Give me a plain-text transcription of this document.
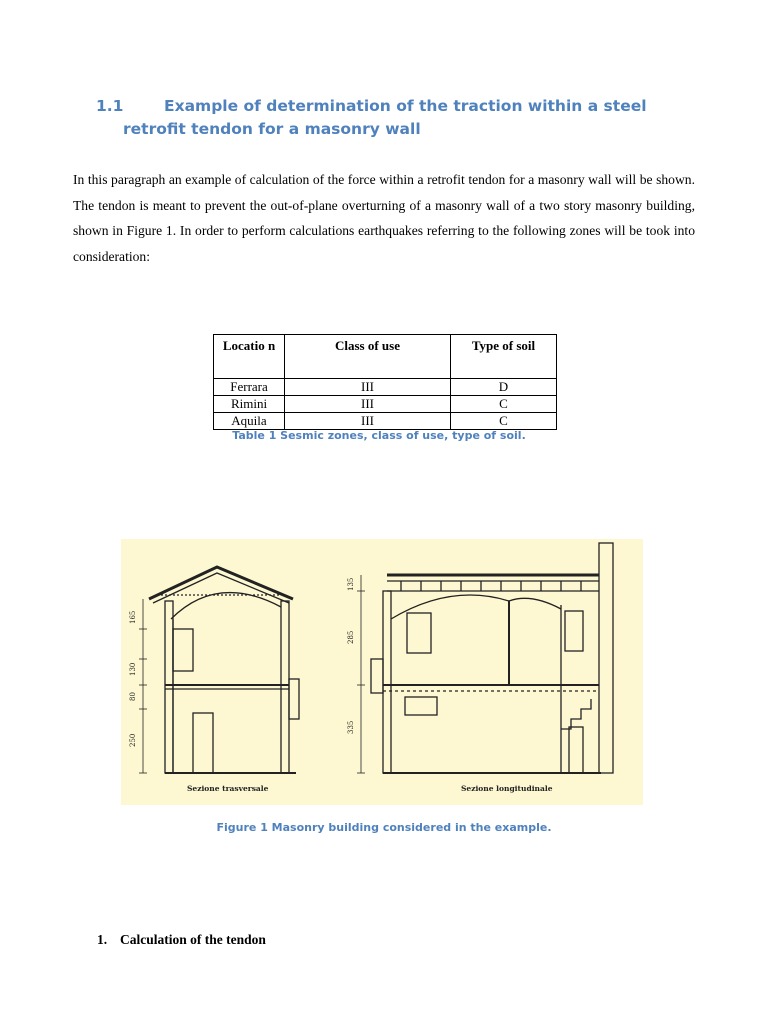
1.1	Example of determination of the traction within a steel
retrofit tendon for a masonry wall
In this paragraph an example of calculation of the force within a retrofit tendon for a masonry wall will be shown. The tendon is meant to prevent the out-of-plane overturning of a masonry wall of a two story masonry building, shown in Figure 1. In order to perform calculations earthquakes referring to the following zones will be took into consideration:
Locatio n	Class of use	Type of soil
Ferrara	III	D
Rimini	III	C
Aquila	III	C
Table 1 Sesmic zones, class of use, type of soil.
165
130
80
250
135
285
335
Sezione trasversale	Sezione longitudinale
Figure 1 Masonry building considered in the example.
1. Calculation of the tendon
